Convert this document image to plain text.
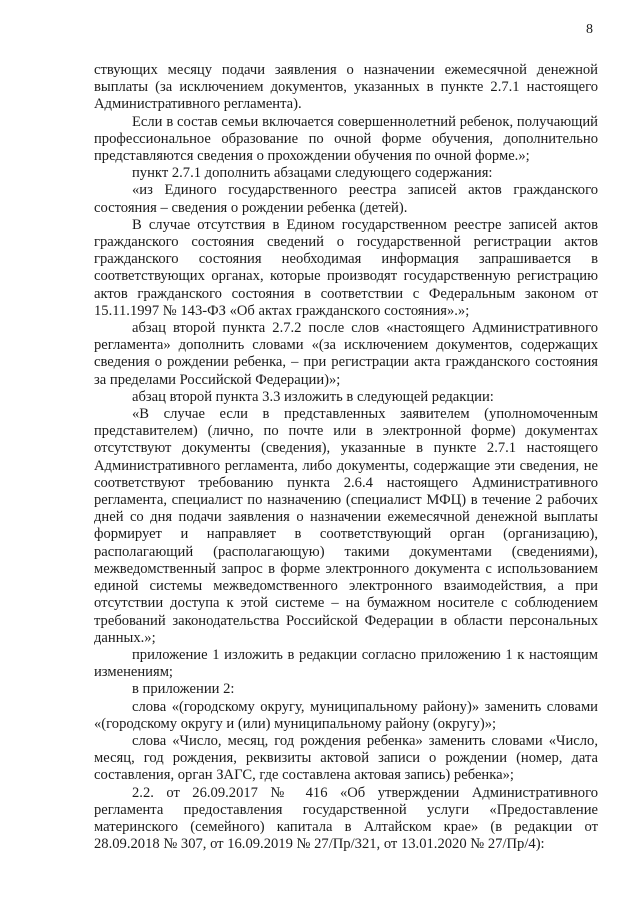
8

ствующих месяцу подачи заявления о назначении ежемесячной денежной выплаты (за исключением документов, указанных в пункте 2.7.1 настоящего Административного регламента).

Если в состав семьи включается совершеннолетний ребенок, получающий профессиональное образование по очной форме обучения, дополнительно представляются сведения о прохождении обучения по очной форме.»;

пункт 2.7.1 дополнить абзацами следующего содержания:

«из Единого государственного реестра записей актов гражданского состояния – сведения о рождении ребенка (детей).

В случае отсутствия в Едином государственном реестре записей актов гражданского состояния сведений о государственной регистрации актов гражданского состояния необходимая информация запрашивается в соответствующих органах, которые производят государственную регистрацию актов гражданского состояния в соответствии с Федеральным законом от 15.11.1997 № 143-ФЗ «Об актах гражданского состояния».»;

абзац второй пункта 2.7.2 после слов «настоящего Административного регламента» дополнить словами «(за исключением документов, содержащих сведения о рождении ребенка, – при регистрации акта гражданского состояния за пределами Российской Федерации)»;

абзац второй пункта 3.3 изложить в следующей редакции:

«В случае если в представленных заявителем (уполномоченным представителем) (лично, по почте или в электронной форме) документах отсутствуют документы (сведения), указанные в пункте 2.7.1 настоящего Административного регламента, либо документы, содержащие эти сведения, не соответствуют требованию пункта 2.6.4 настоящего Административного регламента, специалист по назначению (специалист МФЦ) в течение 2 рабочих дней со дня подачи заявления о назначении ежемесячной денежной выплаты формирует и направляет в соответствующий орган (организацию), располагающий (располагающую) такими документами (сведениями), межведомственный запрос в форме электронного документа с использованием единой системы межведомственного электронного взаимодействия, а при отсутствии доступа к этой системе – на бумажном носителе с соблюдением требований законодательства Российской Федерации в области персональных данных.»;

приложение 1 изложить в редакции согласно приложению 1 к настоящим изменениям;

в приложении 2:

слова «(городскому округу, муниципальному району)» заменить словами «(городскому округу и (или) муниципальному району (округу)»;

слова «Число, месяц, год рождения ребенка» заменить словами «Число, месяц, год рождения, реквизиты актовой записи о рождении (номер, дата составления, орган ЗАГС, где составлена актовая запись) ребенка»;

2.2. от 26.09.2017 № 416 «Об утверждении Административного регламента предоставления государственной услуги «Предоставление материнского (семейного) капитала в Алтайском крае» (в редакции от 28.09.2018 № 307, от 16.09.2019 № 27/Пр/321, от 13.01.2020 № 27/Пр/4):
